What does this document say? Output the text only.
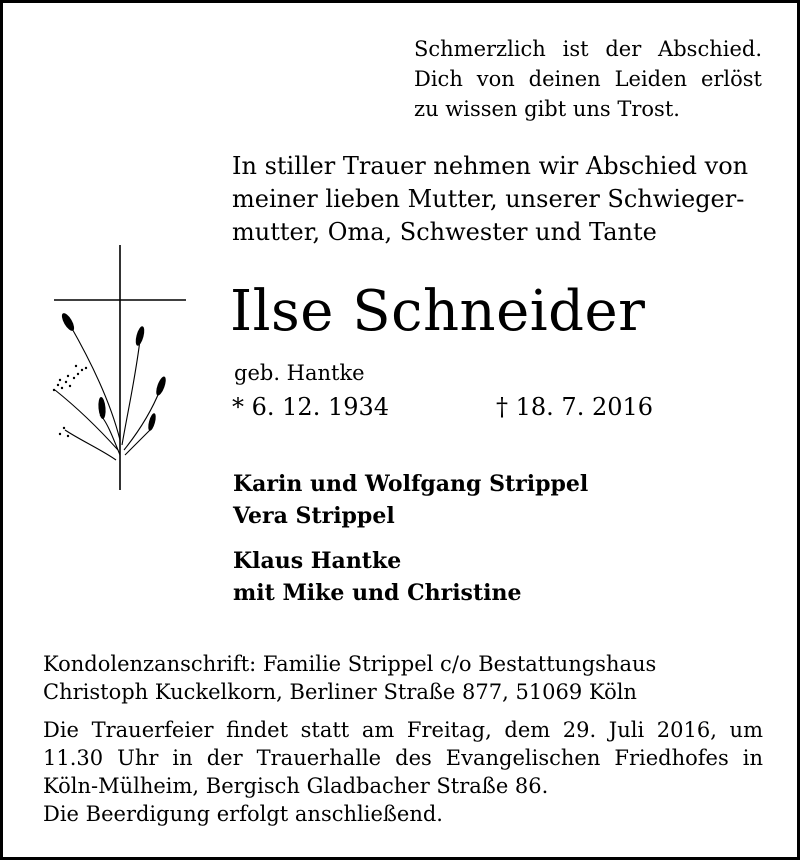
Schmerzlich ist der Abschied.
Dich von deinen Leiden erlöst
zu wissen gibt uns Trost.
In stiller Trauer nehmen wir Abschied von
meiner lieben Mutter, unserer Schwieger-
mutter, Oma, Schwester und Tante
Ilse Schneider
geb. Hantke
* 6. 12. 1934	† 18. 7. 2016
Karin und Wolfgang Strippel
Vera Strippel
Klaus Hantke
mit Mike und Christine
Kondolenzanschrift: Familie Strippel c/o Bestattungshaus
Christoph Kuckelkorn, Berliner Straße 877, 51069 Köln
Die Trauerfeier findet statt am Freitag, dem 29. Juli 2016, um
11.30 Uhr in der Trauerhalle des Evangelischen Friedhofes in
Köln-Mülheim, Bergisch Gladbacher Straße 86.
Die Beerdigung erfolgt anschließend.
